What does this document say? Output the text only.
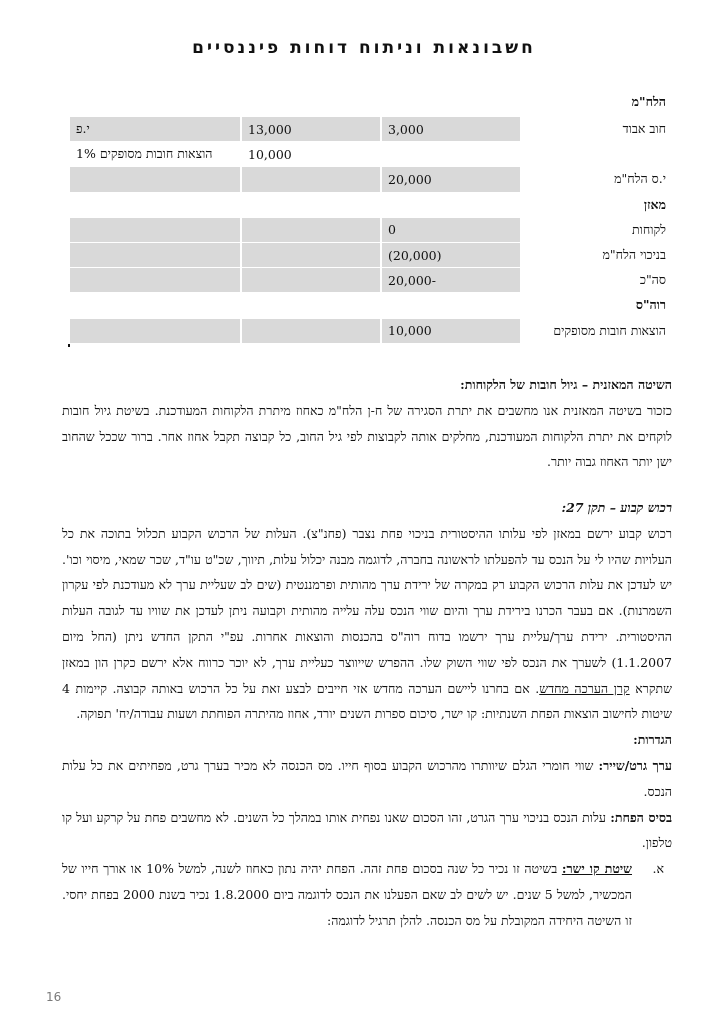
חשבונאות וניתוח דוחות פיננסיים
הלח"מ
חוב אבוד	3,000	13,000	י.פ
		10,000	הוצאות חובות מסופקים 1%
י.ס הלח"מ	20,000		
מאזן			
לקוחות	0		
בניכוי הלח"מ	(20,000)		
סה"כ	-20,000		
רוה"ס			
הוצאות חובות מסופקים	10,000		

השיטה המאזנית – גיול חובות של הלקוחות:

כזכור בשיטה המאזנית אנו מחשבים את יתרת הסגירה של ח-ן הלח"מ כאחוז מיתרת הלקוחות המעודכנת. בשיטת גיול חובות לוקחים את יתרת הלקוחות המעודכנת, מחלקים אותה לקבוצות לפי גיל החוב, כל קבוצה תקבל אחוז אחר. ברור שככל שהחוב ישן יותר האחוז גבוה יותר.

רכוש קבוע – תקן 27:

רכוש קבוע ירשם במאזן לפי עלותו ההיסטורית בניכוי פחת נצבר (פחנ"צ). העלות של הרכוש הקבוע תכלול בתוכה את כל העלויות שהיו לי על הנכס עד להפעלתו לראשונה בחברה, לדוגמה מבנה יכלול עלות, תיווך, שכ"ט עו"ד, שכר שמאי, מיסוי וכו'. יש לעדכן את עלות הרכוש הקבוע רק במקרה של ירידת ערך מהותית ופרמננטית (שים לב שעליית ערך לא מעודכנת לפי עקרון השמרנות). אם בעבר הכרנו בירידת ערך והיום שווי הנכס עלה עלייה מהותית וקבועה ניתן לעדכן את שוויו עד לגובה העלות ההיסטורית. ירידת ערך/עליית ערך ירשמו בדוח רוה"ס בהכנסות והוצאות אחרות. עפ"י התקן החדש ניתן (החל מיום 1.1.2007) לשערך את הנכס לפי שווי השוק שלו. ההפרש שייווצר כעליית ערך, לא יוכר כרווח אלא ירשם כקרן הון במאזן שתקרא קרן הערכה מחדש. אם בחרנו ליישם הערכה מחדש אזי חייבים לבצע זאת על כל הרכוש באותה קבוצה. קיימות 4 שיטות לחישוב הוצאות הפחת השנתיות: קו ישר, סיכום ספרות השנים יורד, אחוז מהיתרה הפוחתת ושעות עבודה/יח' תפוקה.

הגדרות:

ערך גרט/שייר: שווי חומרי הגלם שיוותרו מהרכוש הקבוע בסוף חייו. מס הכנסה לא מכיר בערך גרט, מפחיתים את כל עלות הנכס.

בסיס הפחת: עלות הנכס בניכוי ערך הגרט, זהו הסכום שאנו נפחית אותו במהלך כל השנים. לא מחשבים פחת על קרקע ועל קו טלפון.

א.
שיטת קו ישר: בשיטה זו נכיר כל שנה בסכום פחת זהה. הפחת יהיה נתון כאחוז לשנה, למשל 10% או אורך חייו של המכשיר, למשל 5 שנים. יש לשים לב שאם הפעלנו את הנכס לדוגמה ביום 1.8.2000 נכיר בשנת 2000 בפחת יחסי. זו השיטה היחידה המקובלת על מס הכנסה. להלן תרגיל לדוגמה:

16
